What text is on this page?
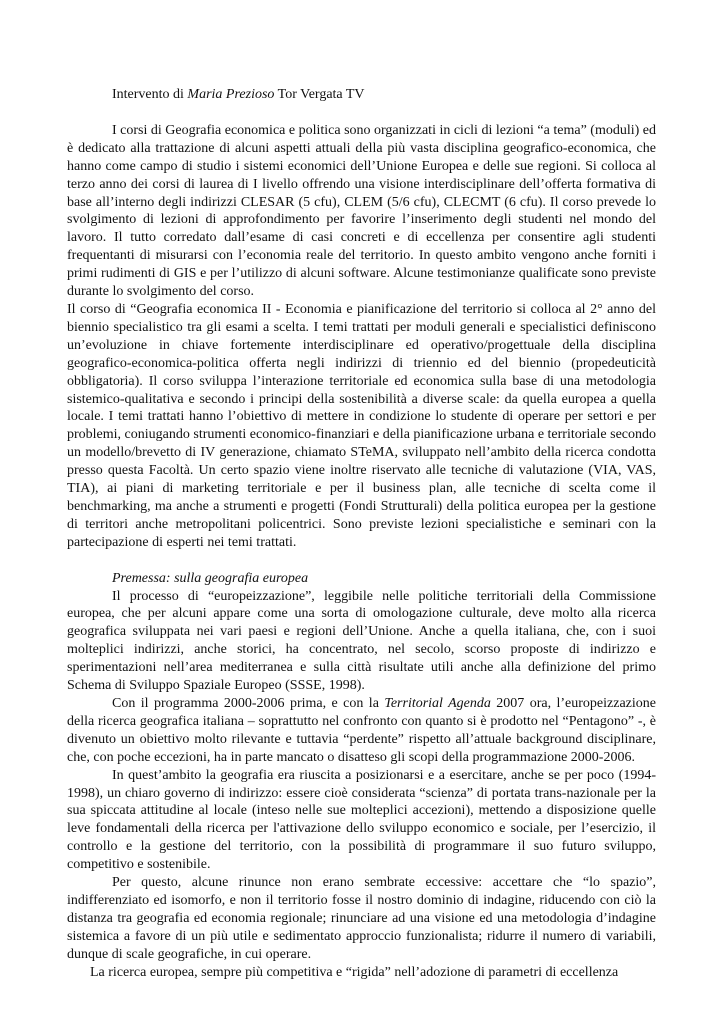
Intervento di Maria Prezioso Tor Vergata TV

I corsi di Geografia economica e politica sono organizzati in cicli di lezioni “a tema” (moduli) ed è dedicato alla trattazione di alcuni aspetti attuali della più vasta disciplina geografico-economica, che hanno come campo di studio i sistemi economici dell’Unione Europea e delle sue regioni. Si colloca al terzo anno dei corsi di laurea di I livello offrendo una visione interdisciplinare dell’offerta formativa di base all’interno degli indirizzi CLESAR (5 cfu), CLEM (5/6 cfu), CLECMT (6 cfu). Il corso prevede lo svolgimento di lezioni di approfondimento per favorire l’inserimento degli studenti nel mondo del lavoro. Il tutto corredato dall’esame di casi concreti e di eccellenza per consentire agli studenti frequentanti di misurarsi con l’economia reale del territorio. In questo ambito vengono anche forniti i primi rudimenti di GIS e per l’utilizzo di alcuni software. Alcune testimonianze qualificate sono previste durante lo svolgimento del corso.

Il corso di “Geografia economica II - Economia e pianificazione del territorio si colloca al 2° anno del biennio specialistico tra gli esami a scelta. I temi trattati per moduli generali e specialistici definiscono un’evoluzione in chiave fortemente interdisciplinare ed operativo/progettuale della disciplina geografico-economica-politica offerta negli indirizzi di triennio ed del biennio (propedeuticità obbligatoria). Il corso sviluppa l’interazione territoriale ed economica sulla base di una metodologia sistemico-qualitativa e secondo i principi della sostenibilità a diverse scale: da quella europea a quella locale. I temi trattati hanno l’obiettivo di mettere in condizione lo studente di operare per settori e per problemi, coniugando strumenti economico-finanziari e della pianificazione urbana e territoriale secondo un modello/brevetto di IV generazione, chiamato STeMA, sviluppato nell’ambito della ricerca condotta presso questa Facoltà. Un certo spazio viene inoltre riservato alle tecniche di valutazione (VIA, VAS, TIA), ai piani di marketing territoriale e per il business plan, alle tecniche di scelta come il benchmarking, ma anche a strumenti e progetti (Fondi Strutturali) della politica europea per la gestione di territori anche metropolitani policentrici. Sono previste lezioni specialistiche e seminari con la partecipazione di esperti nei temi trattati.

Premessa: sulla geografia europea

Il processo di “europeizzazione”, leggibile nelle politiche territoriali della Commissione europea, che per alcuni appare come una sorta di omologazione culturale, deve molto alla ricerca geografica sviluppata nei vari paesi e regioni dell’Unione. Anche a quella italiana, che, con i suoi molteplici indirizzi, anche storici, ha concentrato, nel secolo, scorso proposte di indirizzo e sperimentazioni nell’area mediterranea e sulla città risultate utili anche alla definizione del primo Schema di Sviluppo Spaziale Europeo (SSSE, 1998).

Con il programma 2000-2006 prima, e con la Territorial Agenda 2007 ora, l’europeizzazione della ricerca geografica italiana – soprattutto nel confronto con quanto si è prodotto nel “Pentagono” -, è divenuto un obiettivo molto rilevante e tuttavia “perdente” rispetto all’attuale background disciplinare, che, con poche eccezioni, ha in parte mancato o disatteso gli scopi della programmazione 2000-2006.

In quest’ambito la geografia era riuscita a posizionarsi e a esercitare, anche se per poco (1994-1998), un chiaro governo di indirizzo: essere cioè considerata “scienza” di portata trans-nazionale per la sua spiccata attitudine al locale (inteso nelle sue molteplici accezioni), mettendo a disposizione quelle leve fondamentali della ricerca per l'attivazione dello sviluppo economico e sociale, per l’esercizio, il controllo e la gestione del territorio, con la possibilità di programmare il suo futuro sviluppo, competitivo e sostenibile.

Per questo, alcune rinunce non erano sembrate eccessive: accettare che “lo spazio”, indifferenziato ed isomorfo, e non il territorio fosse il nostro dominio di indagine, riducendo con ciò la distanza tra geografia ed economia regionale; rinunciare ad una visione ed una metodologia d’indagine sistemica a favore di un più utile e sedimentato approccio funzionalista; ridurre il numero di variabili, dunque di scale geografiche, in cui operare.

La ricerca europea, sempre più competitiva e “rigida” nell’adozione di parametri di eccellenza
